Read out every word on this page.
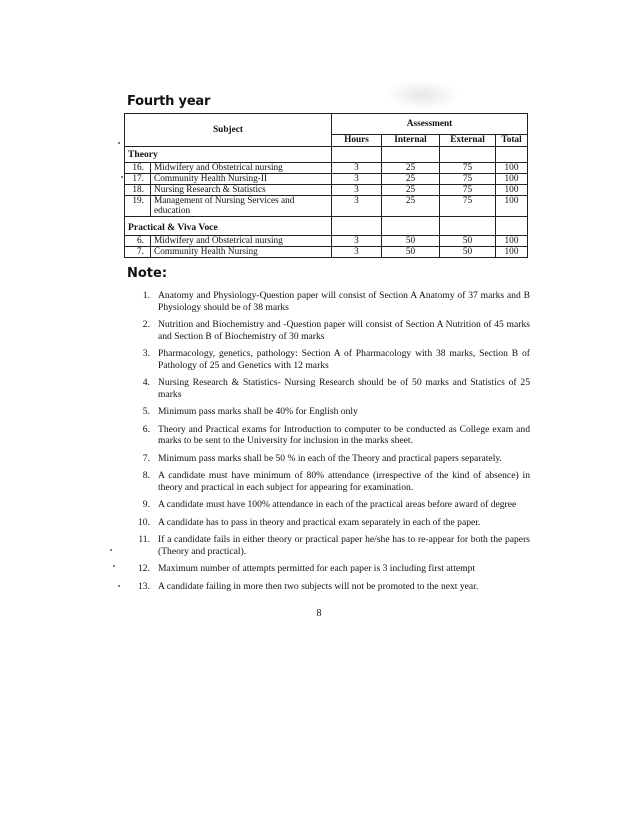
Fourth year
Subject		Assessment			
		Hours	Internal	External	Total
Theory					
16.	Midwifery and Obstetrical nursing	3	25	75	100
17.	Community Health Nursing-II	3	25	75	100
18.	Nursing Research & Statistics	3	25	75	100
19.	Management of Nursing Services and education	3	25	75	100
Practical & Viva Voce					
6.	Midwifery and Obstetrical nursing	3	50	50	100
7.	Community Health Nursing	3	50	50	100
Note:
1. Anatomy and Physiology-Question paper will consist of Section A Anatomy of 37 marks and B Physiology should be of 38 marks
2. Nutrition and Biochemistry and -Question paper will consist of Section A Nutrition of 45 marks and Section B of Biochemistry of 30 marks
3. Pharmacology, genetics, pathology: Section A of Pharmacology with 38 marks, Section B of Pathology of 25 and Genetics with 12 marks
4. Nursing Research & Statistics- Nursing Research should be of 50 marks and Statistics of 25 marks
5. Minimum pass marks shall be 40% for English only
6. Theory and Practical exams for Introduction to computer to be conducted as College exam and marks to be sent to the University for inclusion in the marks sheet.
7. Minimum pass marks shall be 50 % in each of the Theory and practical papers separately.
8. A candidate must have minimum of 80% attendance (irrespective of the kind of absence) in theory and practical in each subject for appearing for examination.
9. A candidate must have 100% attendance in each of the practical areas before award of degree
10. A candidate has to pass in theory and practical exam separately in each of the paper.
11. If a candidate fails in either theory or practical paper he/she has to re-appear for both the papers (Theory and practical).
12. Maximum number of attempts permitted for each paper is 3 including first attempt
13. A candidate failing in more then two subjects will not be promoted to the next year.
8
